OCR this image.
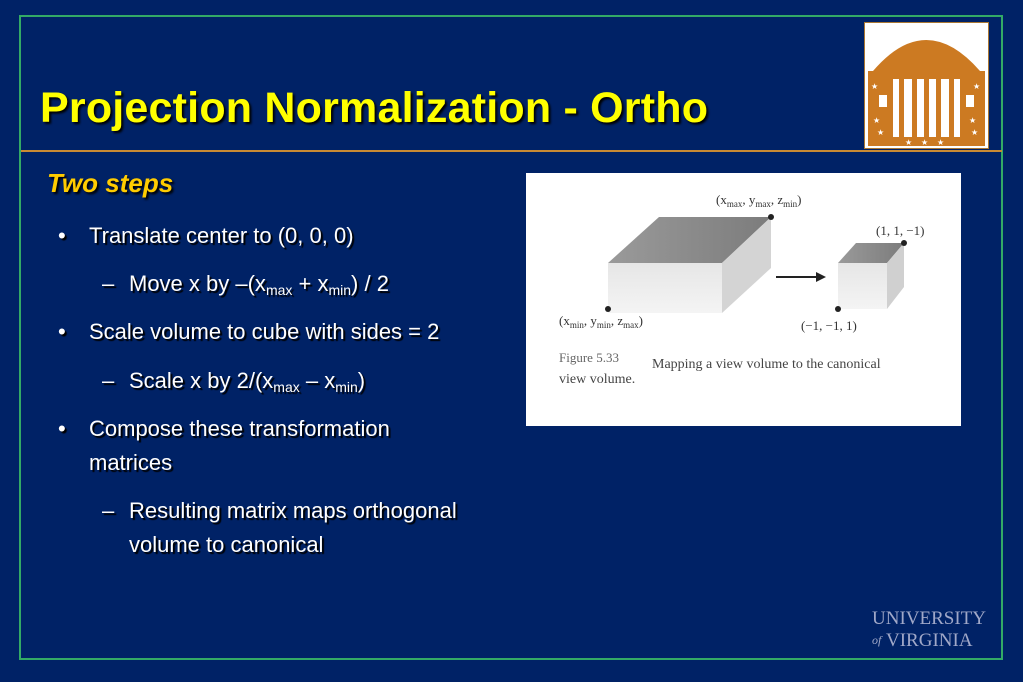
Projection Normalization - Ortho	★
★
★
★
★ ★ ★
★	★
Two steps
• Translate center to (0, 0, 0)
– Move x by $-(x_{max} + x_{min}) / 2$
• Scale volume to cube with sides = 2
– Scale x by $2/(x_{max} - x_{min})$
• Compose these transformation matrices
– Resulting matrix maps orthogonal volume to canonical
($x_{max}$, $y_{max}$, $z_{min}$)
(1, 1, −1)
($x_{min}$, $y_{min}$, $z_{max}$)	(−1, −1, 1)
Figure 5.33 Mapping a view volume to the canonical
view volume.
UNIVERSITY
of VIRGINIA
